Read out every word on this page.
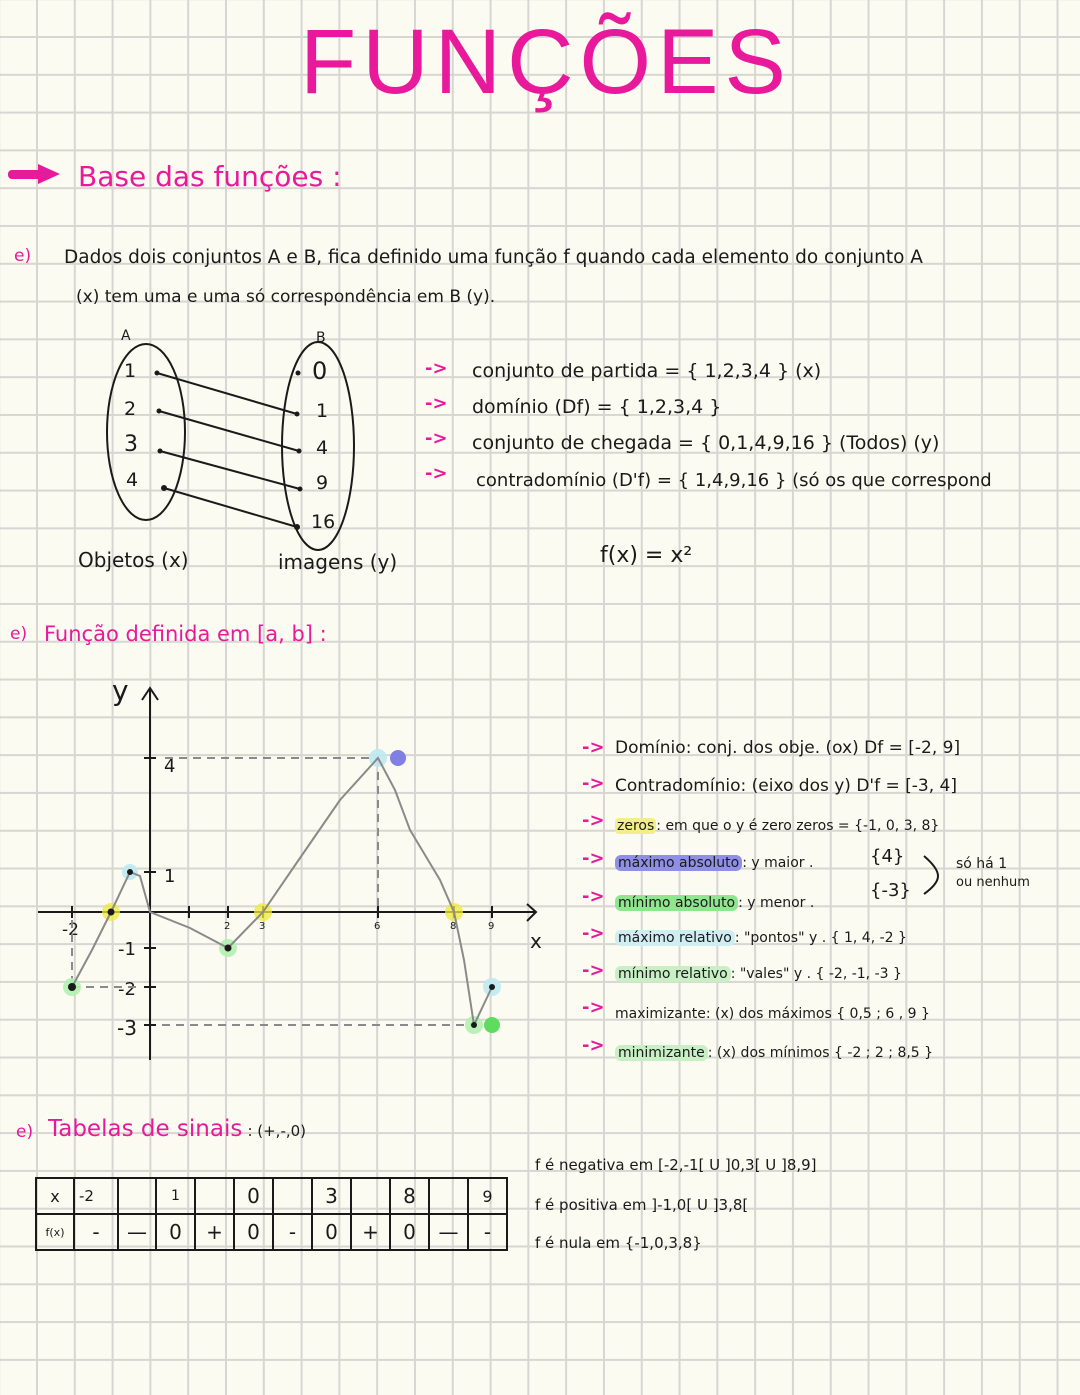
FUNÇÕES
Base das funções :
e) Dados dois conjuntos A e B, fica definido uma função f quando cada elemento do conjunto A
(x) tem uma e uma só correspondência em B (y).
A	B
1
2
3
4
0
1
4
9
16
Objetos (x)	imagens (y)
-> conjunto de partida = { 1,2,3,4 } (x)
-> domínio (Df) = { 1,2,3,4 }
-> conjunto de chegada = { 0,1,4,9,16 } (Todos) (y)
-> contradomínio (D'f) = { 1,4,9,16 } (só os que correspond
f(x) = x²
e) Função definida em [a, b] :
y
x
-2	2	3	6	8	9
4
1
-1
-2
-3
-> Domínio: conj. dos obje. (ox) Df = [-2, 9]
-> Contradomínio: (eixo dos y) D'f = [-3, 4]
-> zeros : em que o y é zero zeros = {-1, 0, 3, 8}
-> máximo absoluto : y maior .	{4}
-> mínimo absoluto : y menor .
{-3}
só há 1
ou nenhum
-> máximo relativo : "pontos" y . { 1, 4, -2 }
-> mínimo relativo : "vales" y . { -2, -1, -3 }
-> maximizante: (x) dos máximos { 0,5 ; 6 , 9 }
-> minimizante : (x) dos mínimos { -2 ; 2 ; 8,5 }
e) Tabelas de sinais : (+,-,0)
x	-2		1		0		3		8		9
f(x)	-	—	0	+	0	-	0	+	0	—	-
f é negativa em [-2,-1[ U ]0,3[ U ]8,9]
f é positiva em ]-1,0[ U ]3,8[
f é nula em {-1,0,3,8}
